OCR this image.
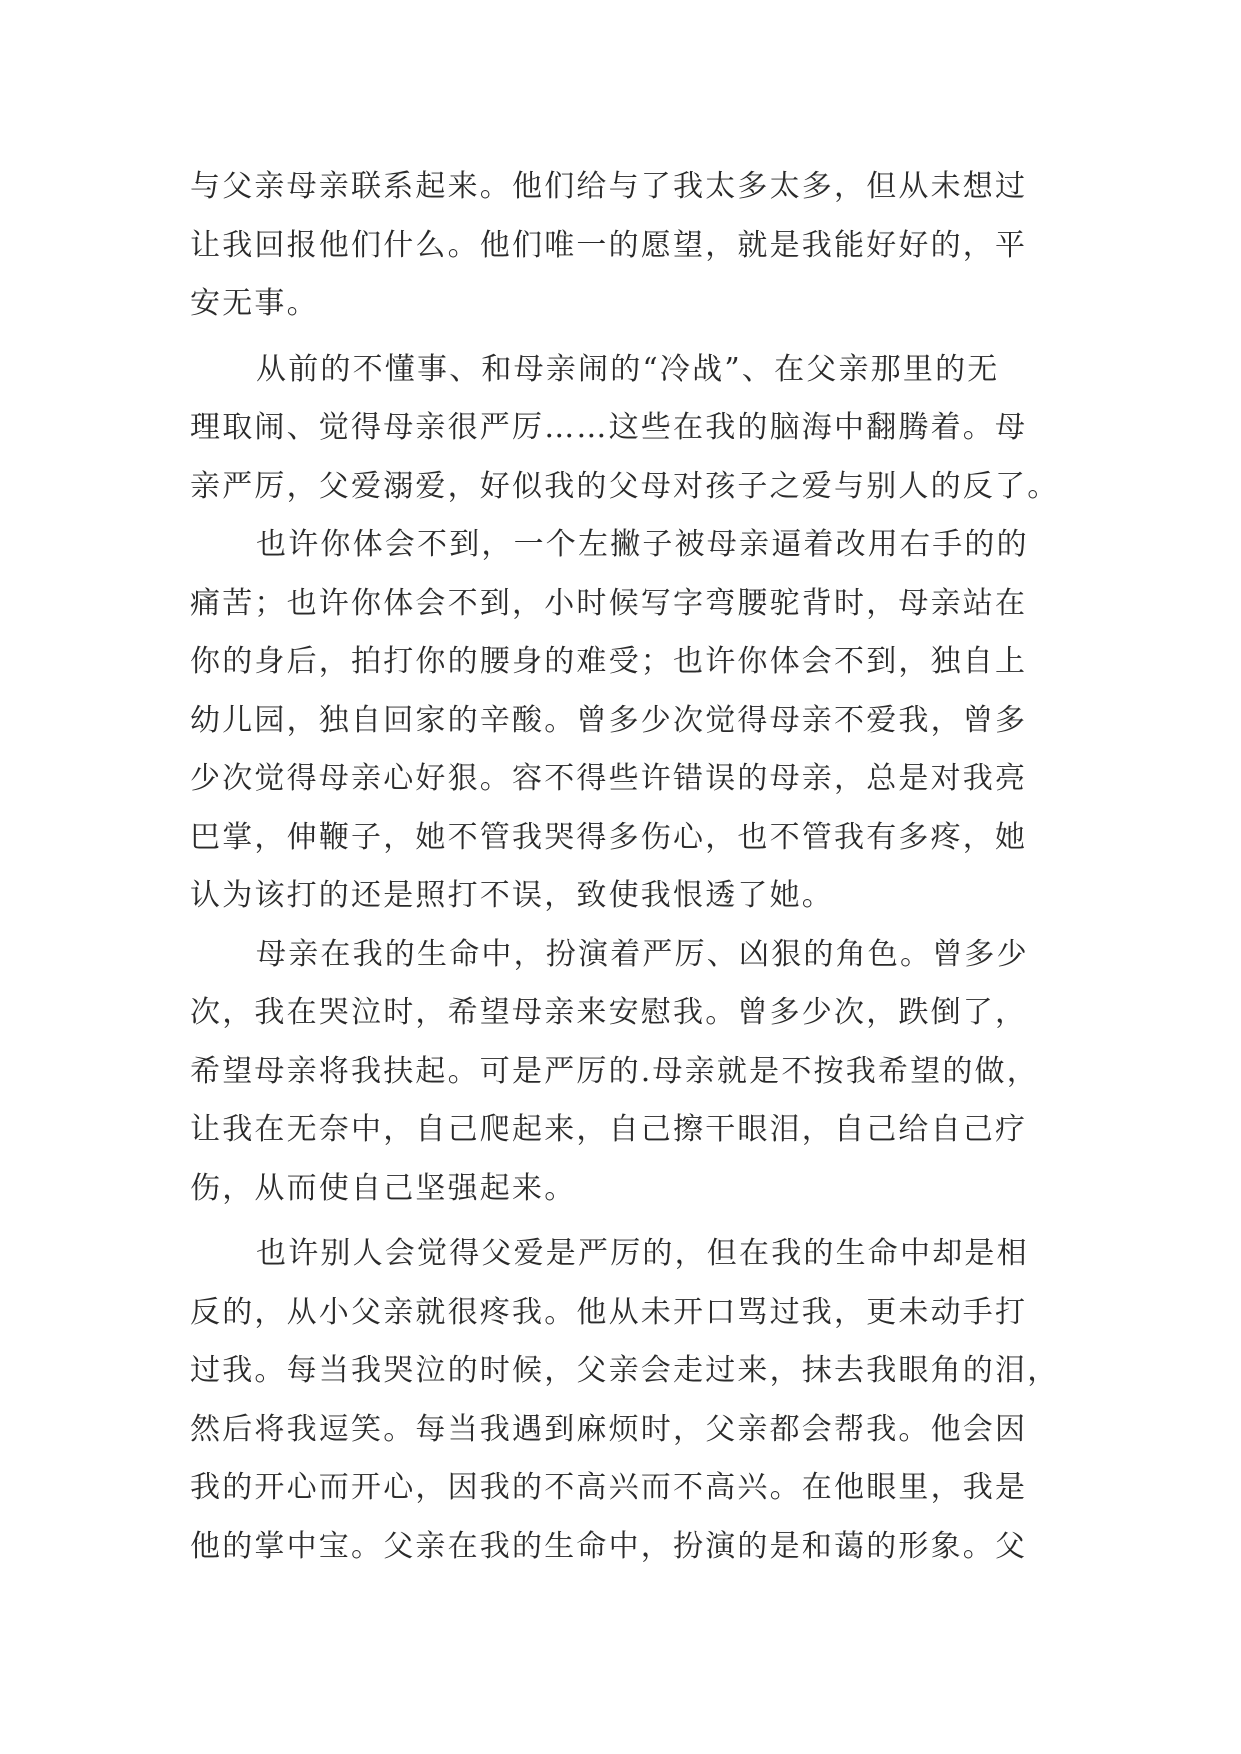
与父亲母亲联系起来。他们给与了我太多太多，但从未想过
让我回报他们什么。他们唯一的愿望，就是我能好好的，平
安无事。
从前的不懂事、和母亲闹的“冷战”、在父亲那里的无
理取闹、觉得母亲很严厉……这些在我的脑海中翻腾着。母
亲严厉，父爱溺爱，好似我的父母对孩子之爱与别人的反了。
也许你体会不到，一个左撇子被母亲逼着改用右手的的
痛苦；也许你体会不到，小时候写字弯腰驼背时，母亲站在
你的身后，拍打你的腰身的难受；也许你体会不到，独自上
幼儿园，独自回家的辛酸。曾多少次觉得母亲不爱我，曾多
少次觉得母亲心好狠。容不得些许错误的母亲，总是对我亮
巴掌，伸鞭子，她不管我哭得多伤心，也不管我有多疼，她
认为该打的还是照打不误，致使我恨透了她。
母亲在我的生命中，扮演着严厉、凶狠的角色。曾多少
次，我在哭泣时，希望母亲来安慰我。曾多少次，跌倒了，
希望母亲将我扶起。可是严厉的.母亲就是不按我希望的做，
让我在无奈中，自己爬起来，自己擦干眼泪，自己给自己疗
伤，从而使自己坚强起来。
也许别人会觉得父爱是严厉的，但在我的生命中却是相
反的，从小父亲就很疼我。他从未开口骂过我，更未动手打
过我。每当我哭泣的时候，父亲会走过来，抹去我眼角的泪，
然后将我逗笑。每当我遇到麻烦时，父亲都会帮我。他会因
我的开心而开心，因我的不高兴而不高兴。在他眼里，我是
他的掌中宝。父亲在我的生命中，扮演的是和蔼的形象。父
